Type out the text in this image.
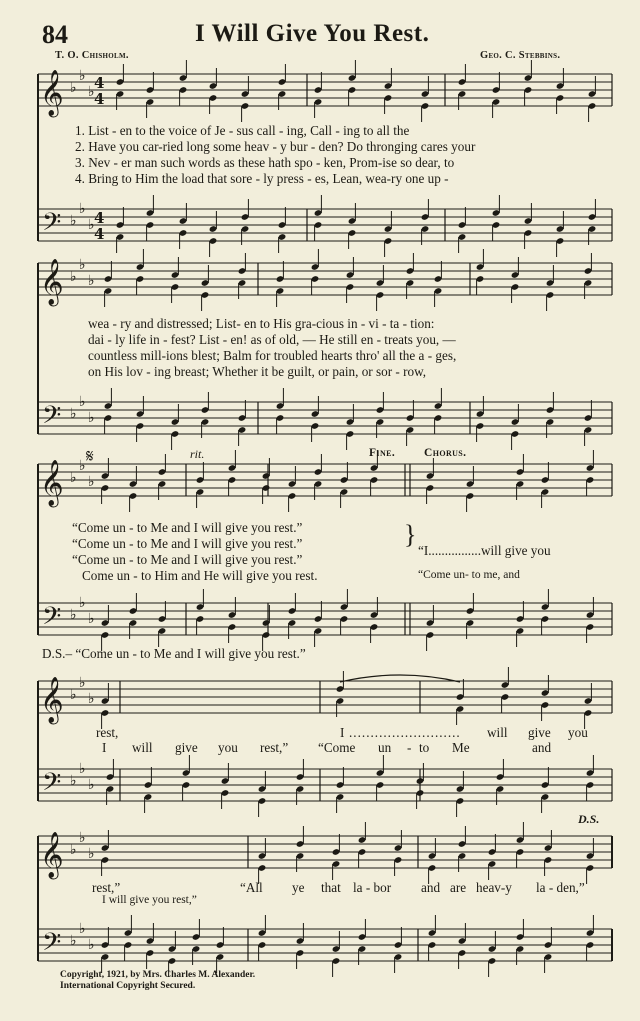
84	I Will Give You Rest.
T. O. Chisholm.	Geo. C. Stebbins.
𝄞
𝄢
♭
♭
♭
♭
♭
♭
4
4
4
4
𝄞
𝄢
♭
♭
♭
♭
♭
♭
𝄞
𝄢
♭
♭
♭
♭
♭
♭
𝄞
𝄢
♭
♭
♭
♭
♭
♭
𝄞
𝄢
♭
♭
♭
♭
♭
♭
1. List - en to the voice of Je - sus call - ing, Call - ing to all the
2. Have you car-ried long some heav - y bur - den? Do thronging cares your
3. Nev - er man such words as these hath spo - ken, Prom-ise so dear, to
4. Bring to Him the load that sore - ly press - es, Lean, wea-ry one up -
wea - ry and distressed; List- en to His gra-cious in - vi - ta - tion:
dai - ly life in - fest? List - en! as of old, — He still en - treats you, —
countless mill-ions blest; Balm for troubled hearts thro' all the a - ges,
on His lov - ing breast; Whether it be guilt, or pain, or sor - row,
𝄋	rit.	Fine.	Chorus.
“Come un - to Me and I will give you rest.”
“Come un - to Me and I will give you rest.”
“Come un - to Me and I will give you rest.”
Come un - to Him and He will give you rest.
}
“I................will give you
“Come un- to me, and
D.S.– “Come un - to Me and I will give you rest.”
rest,	I .......................... will give you
I will give you rest,” “Come un - to Me	and
D.S.
rest,”	“All ye that la - bor and are heav-y la - den,”
I will give you rest,”
Copyright, 1921, by Mrs. Charles M. Alexander.
International Copyright Secured.
